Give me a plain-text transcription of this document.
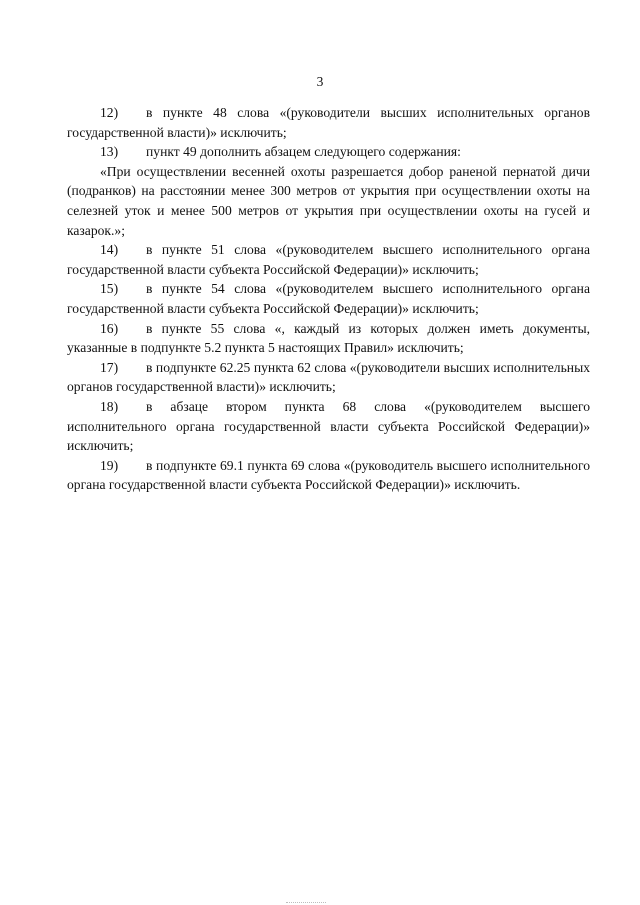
3

12) в пункте 48 слова «(руководители высших исполнительных органов государственной власти)» исключить;

13) пункт 49 дополнить абзацем следующего содержания:

«При осуществлении весенней охоты разрешается добор раненой пернатой дичи (подранков) на расстоянии менее 300 метров от укрытия при осуществлении охоты на селезней уток и менее 500 метров от укрытия при осуществлении охоты на гусей и казарок.»;

14) в пункте 51 слова «(руководителем высшего исполнительного органа государственной власти субъекта Российской Федерации)» исключить;

15) в пункте 54 слова «(руководителем высшего исполнительного органа государственной власти субъекта Российской Федерации)» исключить;

16) в пункте 55 слова «, каждый из которых должен иметь документы, указанные в подпункте 5.2 пункта 5 настоящих Правил» исключить;

17) в подпункте 62.25 пункта 62 слова «(руководители высших исполнительных органов государственной власти)» исключить;

18) в абзаце втором пункта 68 слова «(руководителем высшего исполнительного органа государственной власти субъекта Российской Федерации)» исключить;

19) в подпункте 69.1 пункта 69 слова «(руководитель высшего исполнительного органа государственной власти субъекта Российской Федерации)» исключить.
